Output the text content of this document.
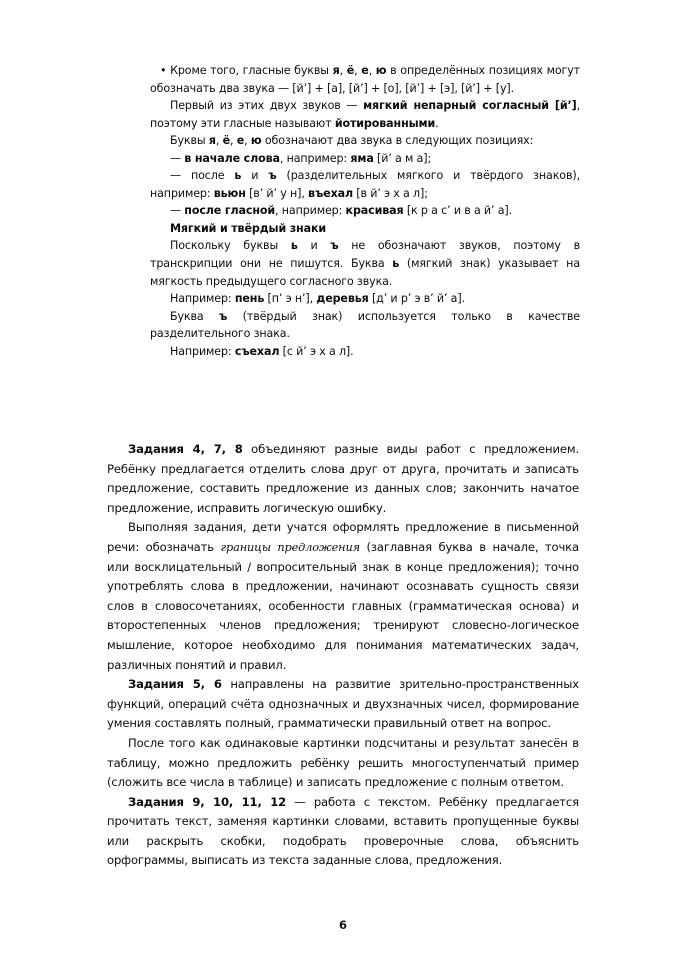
• Кроме того, гласные буквы я, ё, е, ю в определённых позициях могут обозначать два звука — [й’] + [а], [й’] + [о], [й’] + [э], [й’] + [у].

Первый из этих двух звуков — мягкий непарный согласный [й’], поэтому эти гласные называют йотированными.

Буквы я, ё, е, ю обозначают два звука в следующих позициях:

— в начале слова, например: яма [й’ а м а];

— после ь и ъ (разделительных мягкого и твёрдого знаков), например: вьюн [в’ й’ у н], въехал [в й’ э х а л];

— после гласной, например: красивая [к р а с’ и в а й’ а].

Мягкий и твёрдый знаки

Поскольку буквы ь и ъ не обозначают звуков, поэтому в транскрипции они не пишутся. Буква ь (мягкий знак) указывает на мягкость предыдущего согласного звука.

Например: пень [п’ э н’], деревья [д’ и р’ э в’ й’ а].

Буква ъ (твёрдый знак) используется только в качестве разделительного знака.

Например: съехал [с й’ э х а л].

Задания 4, 7, 8 объединяют разные виды работ с предложением. Ребёнку предлагается отделить слова друг от друга, прочитать и записать предложение, составить предложение из данных слов; закончить начатое предложение, исправить логическую ошибку.

Выполняя задания, дети учатся оформлять предложение в письменной речи: обозначать границы предложения (заглавная буква в начале, точка или восклицательный / вопросительный знак в конце предложения); точно употреблять слова в предложении, начинают осознавать сущность связи слов в словосочетаниях, особенности главных (грамматическая основа) и второстепенных членов предложения; тренируют словесно-логическое мышление, которое необходимо для понимания математических задач, различных понятий и правил.

Задания 5, 6 направлены на развитие зрительно-пространственных функций, операций счёта однозначных и двухзначных чисел, формирование умения составлять полный, грамматически правильный ответ на вопрос.

После того как одинаковые картинки подсчитаны и результат занесён в таблицу, можно предложить ребёнку решить многоступенчатый пример (сложить все числа в таблице) и записать предложение с полным ответом.

Задания 9, 10, 11, 12 — работа с текстом. Ребёнку предлагается прочитать текст, заменяя картинки словами, вставить пропущенные буквы или раскрыть скобки, подобрать проверочные слова, объяснить орфограммы, выписать из текста заданные слова, предложения.

6
